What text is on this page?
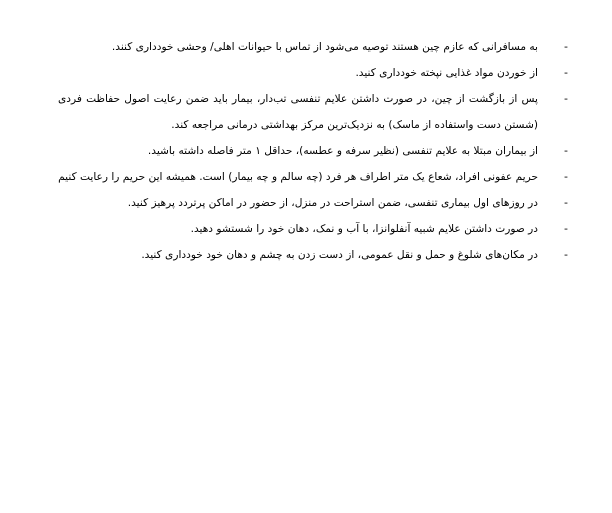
-
به مسافرانی که عازم چین هستند توصیه می‌شود از تماس با حیوانات اهلی/ وحشی خودداری کنند.
-
از خوردن مواد غذایی نپخته خودداری کنید.
-
پس از بازگشت از چین، در صورت داشتن علایم تنفسی تب‌دار، بیمار باید ضمن رعایت اصول حفاظت فردی (شستن دست واستفاده از ماسک) به نزدیک‌ترین مرکز بهداشتی درمانی مراجعه کند.
-
از بیماران مبتلا به علایم تنفسی (نظیر سرفه و عطسه)، حداقل ۱ متر فاصله داشته باشید.
-
حریم عفونی افراد، شعاع یک متر اطراف هر فرد (چه سالم و چه بیمار) است. همیشه این حریم را رعایت کنیم
-
در روزهای اول بیماری تنفسی، ضمن استراحت در منزل، از حضور در اماکن پرتردد پرهیز کنید.
-
در صورت داشتن علایم شبیه آنفلوانزا، با آب و نمک، دهان خود را شستشو دهید.
-
در مکان‌های شلوغ و حمل و نقل عمومی، از دست زدن به چشم و دهان خود خودداری کنید.
